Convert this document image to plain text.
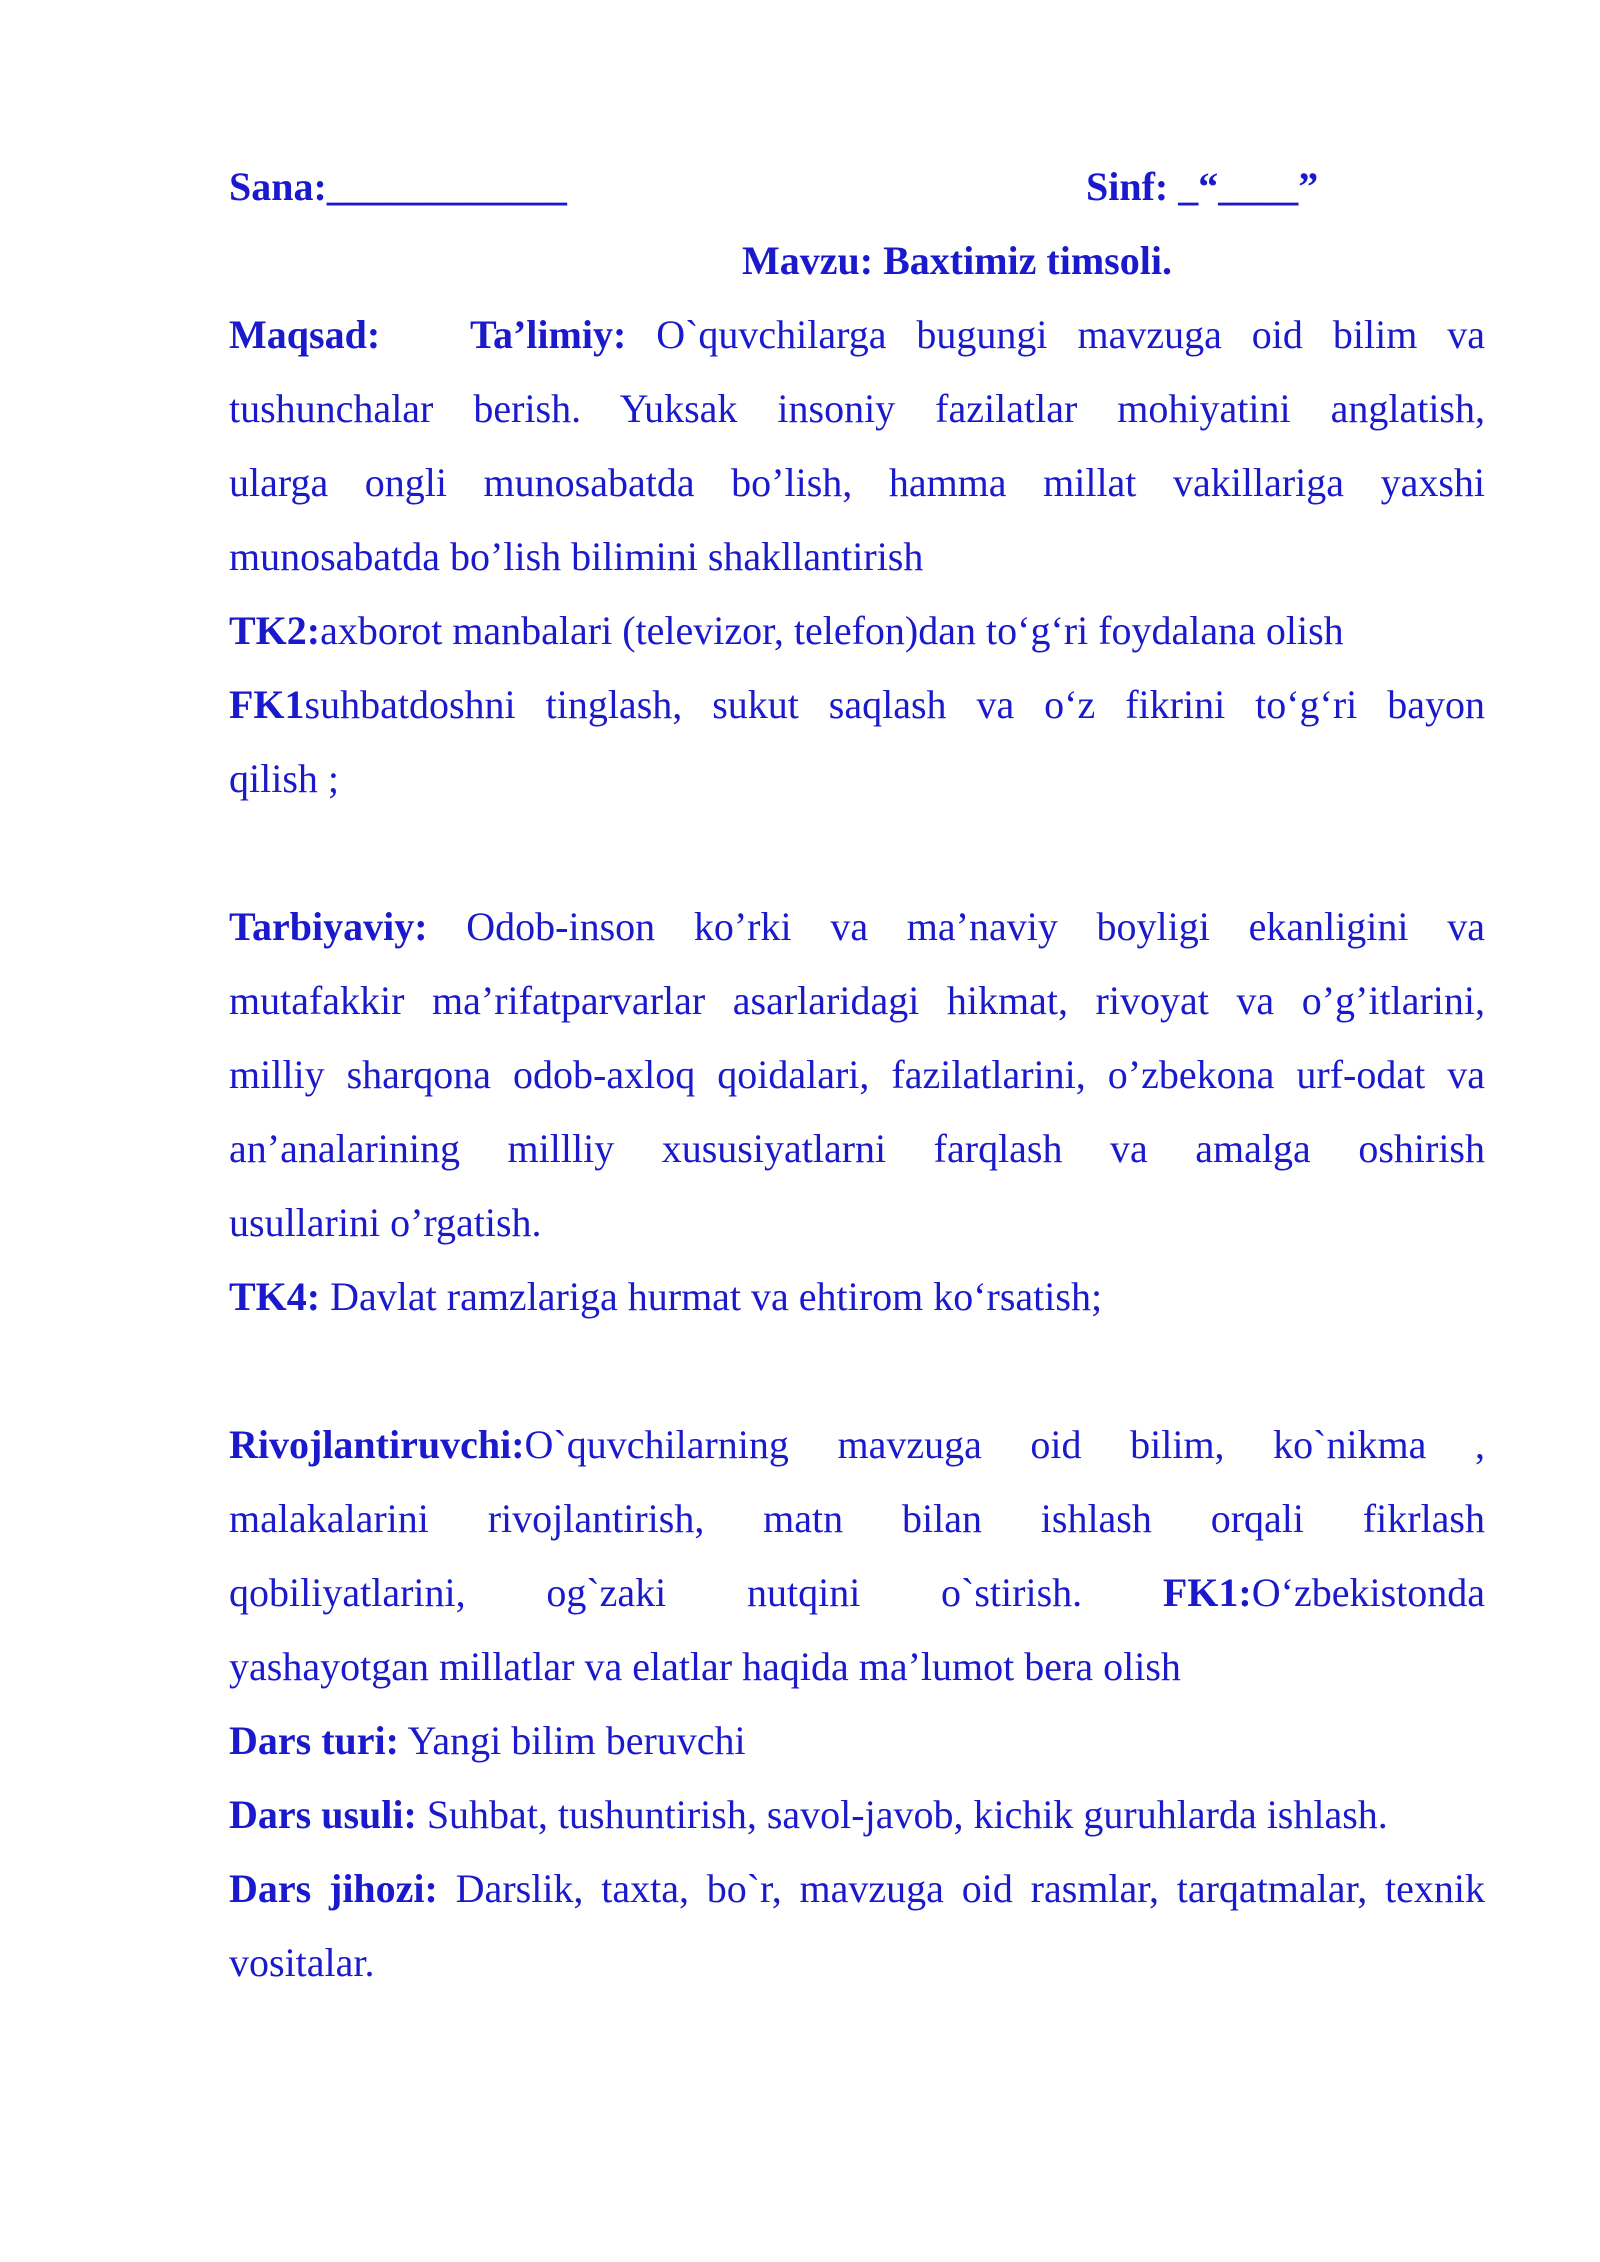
Sana:____________	Sinf: _“____”
Mavzu: Baxtimiz timsoli.
Maqsad: Ta’limiy: O`quvchilarga bugungi mavzuga oid bilim va
tushunchalar berish. Yuksak insoniy fazilatlar mohiyatini anglatish,
ularga ongli munosabatda bo’lish, hamma millat vakillariga yaxshi
munosabatda bo’lish bilimini shakllantirish
TK2:axborot manbalari (televizor, telefon)dan to‘g‘ri foydalana olish
FK1suhbatdoshni tinglash, sukut saqlash va o‘z fikrini to‘g‘ri bayon
qilish ;
Tarbiyaviy: Odob-inson ko’rki va ma’naviy boyligi ekanligini va
mutafakkir ma’rifatparvarlar asarlaridagi hikmat, rivoyat va o’g’itlarini,
milliy sharqona odob-axloq qoidalari, fazilatlarini, o’zbekona urf-odat va
an’analarining millliy xususiyatlarni farqlash va amalga oshirish
usullarini o’rgatish.
TK4: Davlat ramzlariga hurmat va ehtirom ko‘rsatish;
Rivojlantiruvchi:O`quvchilarning mavzuga oid bilim, ko`nikma ,
malakalarini rivojlantirish, matn bilan ishlash orqali fikrlash
qobiliyatlarini, og`zaki nutqini o`stirish. FK1:O‘zbekistonda
yashayotgan millatlar va elatlar haqida ma’lumot bera olish
Dars turi: Yangi bilim beruvchi
Dars usuli: Suhbat, tushuntirish, savol-javob, kichik guruhlarda ishlash.
Dars jihozi: Darslik, taxta, bo`r, mavzuga oid rasmlar, tarqatmalar, texnik
vositalar.
